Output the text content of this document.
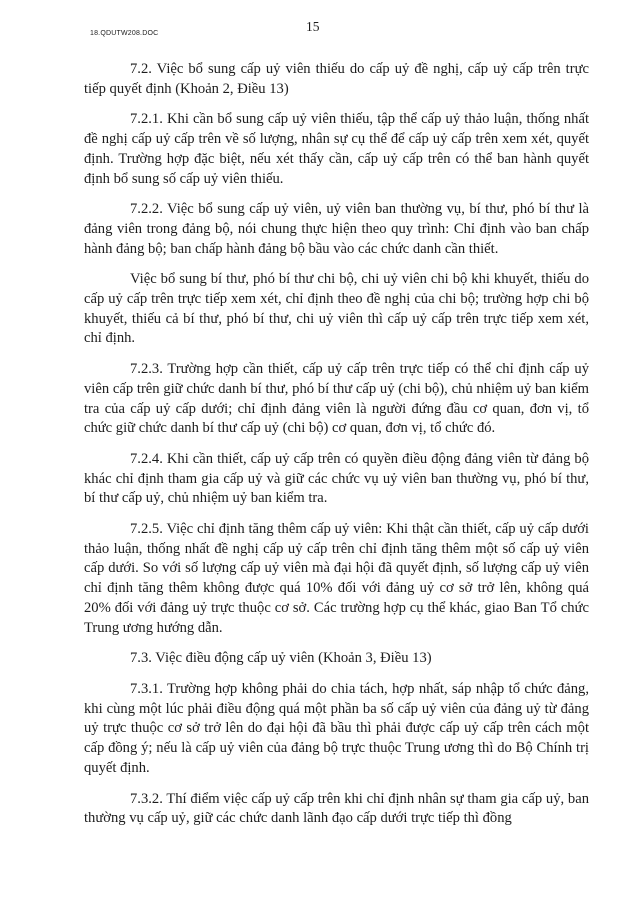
18.QDUTW208.DOC	15

7.2. Việc bổ sung cấp uỷ viên thiếu do cấp uỷ đề nghị, cấp uỷ cấp trên trực tiếp quyết định (Khoản 2, Điều 13)

7.2.1. Khi cần bổ sung cấp uỷ viên thiếu, tập thể cấp uỷ thảo luận, thống nhất đề nghị cấp uỷ cấp trên về số lượng, nhân sự cụ thể để cấp uỷ cấp trên xem xét, quyết định. Trường hợp đặc biệt, nếu xét thấy cần, cấp uỷ cấp trên có thể ban hành quyết định bổ sung số cấp uỷ viên thiếu.

7.2.2. Việc bổ sung cấp uỷ viên, uỷ viên ban thường vụ, bí thư, phó bí thư là đảng viên trong đảng bộ, nói chung thực hiện theo quy trình: Chỉ định vào ban chấp hành đảng bộ; ban chấp hành đảng bộ bầu vào các chức danh cần thiết.

Việc bổ sung bí thư, phó bí thư chi bộ, chi uỷ viên chi bộ khi khuyết, thiếu do cấp uỷ cấp trên trực tiếp xem xét, chỉ định theo đề nghị của chi bộ; trường hợp chi bộ khuyết, thiếu cả bí thư, phó bí thư, chi uỷ viên thì cấp uỷ cấp trên trực tiếp xem xét, chỉ định.

7.2.3. Trường hợp cần thiết, cấp uỷ cấp trên trực tiếp có thể chỉ định cấp uỷ viên cấp trên giữ chức danh bí thư, phó bí thư cấp uỷ (chi bộ), chủ nhiệm uỷ ban kiểm tra của cấp uỷ cấp dưới; chỉ định đảng viên là người đứng đầu cơ quan, đơn vị, tổ chức giữ chức danh bí thư cấp uỷ (chi bộ) cơ quan, đơn vị, tổ chức đó.

7.2.4. Khi cần thiết, cấp uỷ cấp trên có quyền điều động đảng viên từ đảng bộ khác chỉ định tham gia cấp uỷ và giữ các chức vụ uỷ viên ban thường vụ, phó bí thư, bí thư cấp uỷ, chủ nhiệm uỷ ban kiểm tra.

7.2.5. Việc chỉ định tăng thêm cấp uỷ viên: Khi thật cần thiết, cấp uỷ cấp dưới thảo luận, thống nhất đề nghị cấp uỷ cấp trên chỉ định tăng thêm một số cấp uỷ viên cấp dưới. So với số lượng cấp uỷ viên mà đại hội đã quyết định, số lượng cấp uỷ viên chỉ định tăng thêm không được quá 10% đối với đảng uỷ cơ sở trở lên, không quá 20% đối với đảng uỷ trực thuộc cơ sở. Các trường hợp cụ thể khác, giao Ban Tổ chức Trung ương hướng dẫn.

7.3. Việc điều động cấp uỷ viên (Khoản 3, Điều 13)

7.3.1. Trường hợp không phải do chia tách, hợp nhất, sáp nhập tổ chức đảng, khi cùng một lúc phải điều động quá một phần ba số cấp uỷ viên của đảng uỷ từ đảng uỷ trực thuộc cơ sở trở lên do đại hội đã bầu thì phải được cấp uỷ cấp trên cách một cấp đồng ý; nếu là cấp uỷ viên của đảng bộ trực thuộc Trung ương thì do Bộ Chính trị quyết định.

7.3.2. Thí điểm việc cấp uỷ cấp trên khi chỉ định nhân sự tham gia cấp uỷ, ban thường vụ cấp uỷ, giữ các chức danh lãnh đạo cấp dưới trực tiếp thì đồng
